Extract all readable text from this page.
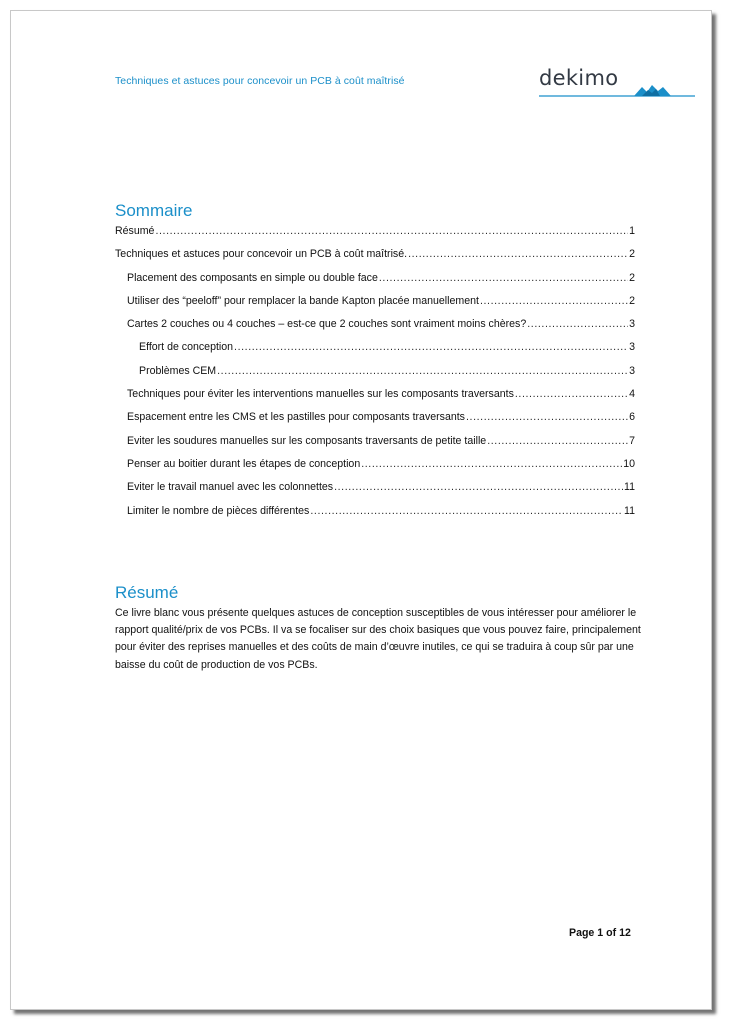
Techniques et astuces pour concevoir un PCB à coût maîtrisé	dekimo
Sommaire
Résumé .....	1
Techniques et astuces pour concevoir un PCB à coût maîtrisé. .....	2
Placement des composants en simple ou double face .....	2
Utiliser des “peeloff” pour remplacer la bande Kapton placée manuellement .....	2
Cartes 2 couches ou 4 couches – est-ce que 2 couches sont vraiment moins chères? .....	3
Effort de conception .....	3
Problèmes CEM .....	3
Techniques pour éviter les interventions manuelles sur les composants traversants .....	4
Espacement entre les CMS et les pastilles pour composants traversants .....	6
Eviter les soudures manuelles sur les composants traversants de petite taille .....	7
Penser au boitier durant les étapes de conception .....	10
Eviter le travail manuel avec les colonnettes .....	11
Limiter le nombre de pièces différentes .....	11
Résumé

Ce livre blanc vous présente quelques astuces de conception susceptibles de vous intéresser pour améliorer le rapport qualité/prix de vos PCBs. Il va se focaliser sur des choix basiques que vous pouvez faire, principalement pour éviter des reprises manuelles et des coûts de main d’œuvre inutiles, ce qui se traduira à coup sûr par une baisse du coût de production de vos PCBs.

Page 1 of 12
